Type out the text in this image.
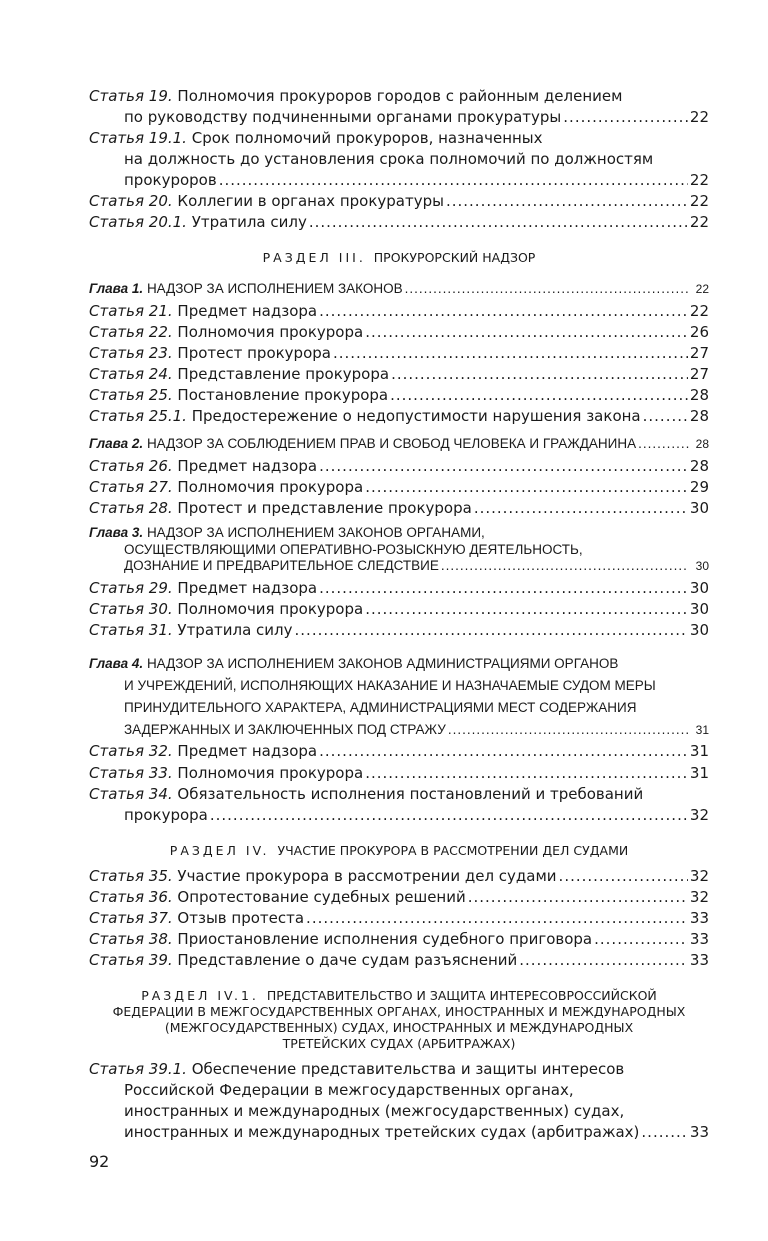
Статья 19. Полномочия прокуроров городов с районным делением
по руководству подчиненными органами прокуратуры .....	22
Статья 19.1. Срок полномочий прокуроров, назначенных
на должность до установления срока полномочий по должностям
прокуроров .....	22
Статья 20. Коллегии в органах прокуратуры .....	22
Статья 20.1. Утратила силу .....	22
РАЗДЕЛ III. ПРОКУРОРСКИЙ НАДЗОР
Глава 1. НАДЗОР ЗА ИСПОЛНЕНИЕМ ЗАКОНОВ .....	22
Статья 21. Предмет надзора .....	22
Статья 22. Полномочия прокурора .....	26
Статья 23. Протест прокурора .....	27
Статья 24. Представление прокурора .....	27
Статья 25. Постановление прокурора .....	28
Статья 25.1. Предостережение о недопустимости нарушения закона .....	28
Глава 2. НАДЗОР ЗА СОБЛЮДЕНИЕМ ПРАВ И СВОБОД ЧЕЛОВЕКА И ГРАЖДАНИНА .....	28
Статья 26. Предмет надзора .....	28
Статья 27. Полномочия прокурора .....	29
Статья 28. Протест и представление прокурора .....	30
Глава 3. НАДЗОР ЗА ИСПОЛНЕНИЕМ ЗАКОНОВ ОРГАНАМИ,
ОСУЩЕСТВЛЯЮЩИМИ ОПЕРАТИВНО-РОЗЫСКНУЮ ДЕЯТЕЛЬНОСТЬ,
ДОЗНАНИЕ И ПРЕДВАРИТЕЛЬНОЕ СЛЕДСТВИЕ .....	30
Статья 29. Предмет надзора .....	30
Статья 30. Полномочия прокурора .....	30
Статья 31. Утратила силу .....	30
Глава 4. НАДЗОР ЗА ИСПОЛНЕНИЕМ ЗАКОНОВ АДМИНИСТРАЦИЯМИ ОРГАНОВ
И УЧРЕЖДЕНИЙ, ИСПОЛНЯЮЩИХ НАКАЗАНИЕ И НАЗНАЧАЕМЫЕ СУДОМ МЕРЫ
ПРИНУДИТЕЛЬНОГО ХАРАКТЕРА, АДМИНИСТРАЦИЯМИ МЕСТ СОДЕРЖАНИЯ
ЗАДЕРЖАННЫХ И ЗАКЛЮЧЕННЫХ ПОД СТРАЖУ .....	31
Статья 32. Предмет надзора .....	31
Статья 33. Полномочия прокурора .....	31
Статья 34. Обязательность исполнения постановлений и требований
прокурора .....	32
РАЗДЕЛ IV. УЧАСТИЕ ПРОКУРОРА В РАССМОТРЕНИИ ДЕЛ СУДАМИ
Статья 35. Участие прокурора в рассмотрении дел судами .....	32
Статья 36. Опротестование судебных решений .....	32
Статья 37. Отзыв протеста .....	33
Статья 38. Приостановление исполнения судебного приговора .....	33
Статья 39. Представление о даче судам разъяснений .....	33
РАЗДЕЛ IV.1. ПРЕДСТАВИТЕЛЬСТВО И ЗАЩИТА ИНТЕРЕСОВРОССИЙСКОЙ
ФЕДЕРАЦИИ В МЕЖГОСУДАРСТВЕННЫХ ОРГАНАХ, ИНОСТРАННЫХ И МЕЖДУНАРОДНЫХ
(МЕЖГОСУДАРСТВЕННЫХ) СУДАХ, ИНОСТРАННЫХ И МЕЖДУНАРОДНЫХ
ТРЕТЕЙСКИХ СУДАХ (АРБИТРАЖАХ)
Статья 39.1. Обеспечение представительства и защиты интересов
Российской Федерации в межгосударственных органах,
иностранных и международных (межгосударственных) судах,
иностранных и международных третейских судах (арбитражах) .....	33
92
